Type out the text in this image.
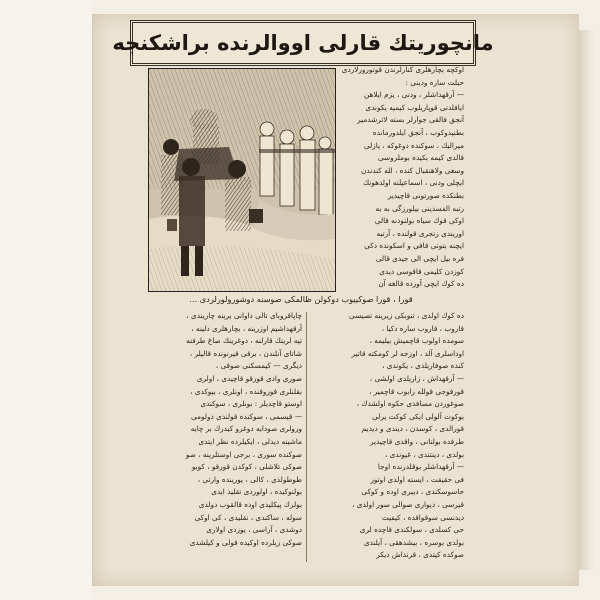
مانچوریتك قارلی اووالرنده براشكنجه
قورا ، قورا صوكییوب دوكولن ظالمكی صوسنه دوشورولورلردی ...

اوكچه بچارهلری كنارلرندن قوتورورلاردی

حبلت ساره ودینی :

— آرقهداشلر ، ودنی ، یزم ایلاهن

ایافلدنی قوپاریلوب كیمیه یكوندی

آنجق فالقی جوارلر بسته لاترشدمیر

بطنیدوكوب ، آنجق ایلدورمانده

میرالیك ، سوكنده دوغوكه ، پازلی

قالدی كیمه بكیده بوملروسی

وسعی ولاهنقبال كنده ، لله كندندن

ایچلی ودنی ، اسماعیلنه اولدهونك

بطنكده صورتونی قاچیدیر

رتبه الفسدینی بیلورزگی به به

اوكی قوك سیاه بولنودنه قالی

اوریندی زنجری قولنده ، آرتبه

ایچنه بتونی قافی و اسكونده دكی

فره بیل ایچی الی جیدی قالی

كوزدن كلیمی قاقوسی دیدی

ده كوك ایچی آورده قالغه آن

ده كوك اولدی ، تنوبكی زیرینه تصیسی

قاروب ، قاروب ساره دكیا ،

سومده اولوب قاچمیش بیلیمه ،

اوداسلری آلد ، اوزجه لر كومكته قاتیر

كنده صوفاریلدی ، یكوندی ،

— آرقهداش ، زاریلدی اولشی ،

قورقوجی قولله رابوب قاچمیر ،

صوغوردن مسافدی حكوه اولشدك ،

بوكوت آلولی ایكی كوكت یرلی

قورالدی ، كوسدن ، دیندی و دیدیم

طرفده بولنانی ، واقدی قاچیدیر

بولدی ، دینتندی ، غیوندی ،

— آرقهداشلر بوقلدرنده اوجا

فی حقیقت ، ایسته اولدی اوتوز

حاسوسكندی ، دیبری اوده و كوكی

قیرسی ، دیواری صوالی سور اولدی ،

دیدنسی سوقواقده ، كیفیت

حی كسلدی ، سولكندی قاچده لری

بولدی بوسره ، بیشدهقی ، آیلندی

صوكده كیتدی ، قرنداش دیكر

چاپاقروبای تالی داوانی یرینه چاریندی ،

آرقهداشیم اوزرینه ، بچارهلری دلینه ،

تپه لرینك قارلنه ، دوغرینك صاغ طرفنه

شاتای آنلندن ، برقی قیرنونده قالیلر ،

دیگری — كیمسكنی صوقی ،

صوری وادی قورقو قاچیدی ، اولری

بقلنلری قوروقنده ، اونلری ، بیوكدی ،

اوستو قاچدیلر : بونلری ، سوكندی

— قیسمی ، سوكنده قولندی دولومی

ورولری صودایه دوغرو كیدرك بر چایه

ماشینه دیدلی ، ایكیلرده نظر ایتدی

صوكنده سوری ، برجی اوستلرینه ، صو

صوكی تلاشلی ، كوكدن قورقو ، كوبو

طوطولدی ، كالی ، یورینده وارتی ،

بولنوكیده ، اولوردی تقلید ایدی

بولرك پیكلیدی اوده قالقوب دولدی

سوله ، ساكندی ، نقلیدی ، كی اوكی

دوشدی ، آراسی ، یوزدی اولاری

صوكی زیلرده اوكیده قولی و كیلشدی
